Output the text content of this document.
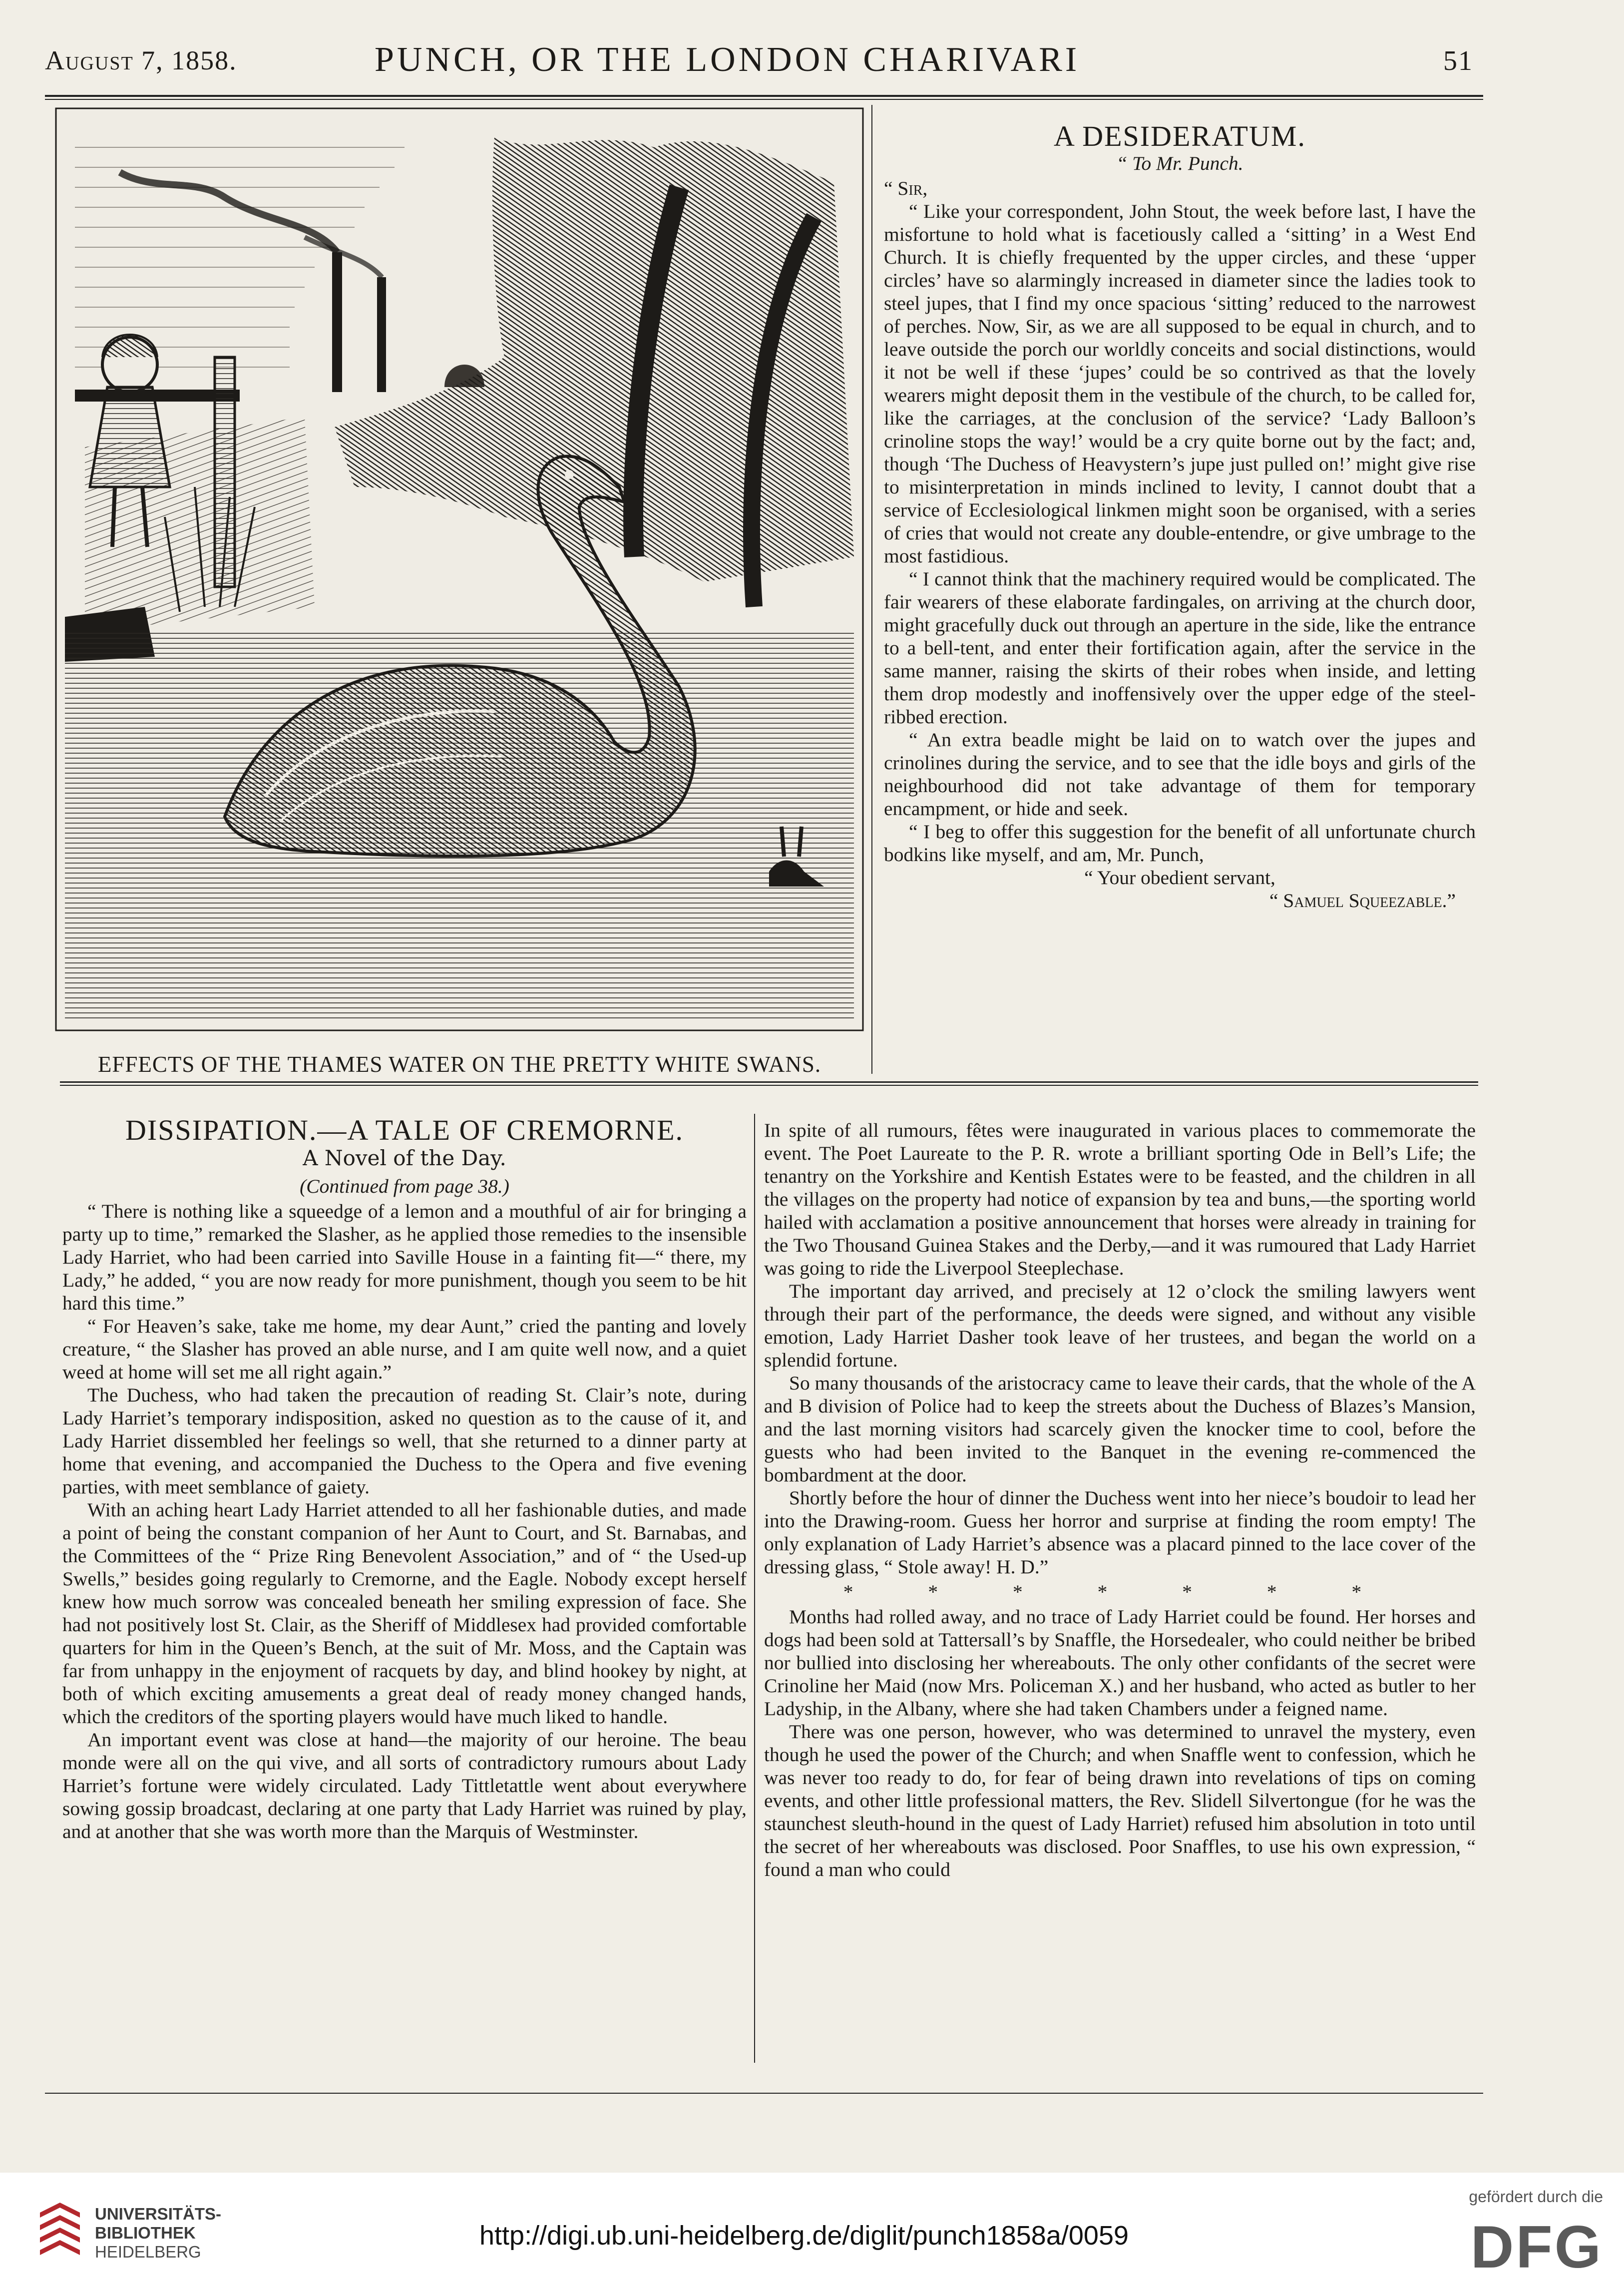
August 7, 1858.	PUNCH, OR THE LONDON CHARIVARI	51
EFFECTS OF THE THAMES WATER ON THE PRETTY WHITE SWANS.
A DESIDERATUM.
“ To Mr. Punch.

“ Sir,

“ Like your correspondent, John Stout, the week before last, I have the misfortune to hold what is facetiously called a ‘sitting’ in a West End Church. It is chiefly frequented by the upper circles, and these ‘upper circles’ have so alarmingly increased in diameter since the ladies took to steel jupes, that I find my once spacious ‘sitting’ reduced to the narrowest of perches. Now, Sir, as we are all supposed to be equal in church, and to leave outside the porch our worldly conceits and social distinctions, would it not be well if these ‘jupes’ could be so contrived as that the lovely wearers might deposit them in the vestibule of the church, to be called for, like the carriages, at the conclusion of the service? ‘Lady Balloon’s crinoline stops the way!’ would be a cry quite borne out by the fact; and, though ‘The Duchess of Heavystern’s jupe just pulled on!’ might give rise to misinterpretation in minds inclined to levity, I cannot doubt that a service of Ecclesiological linkmen might soon be organised, with a series of cries that would not create any double-entendre, or give umbrage to the most fastidious.

“ I cannot think that the machinery required would be complicated. The fair wearers of these elaborate fardingales, on arriving at the church door, might gracefully duck out through an aperture in the side, like the entrance to a bell-tent, and enter their fortification again, after the service in the same manner, raising the skirts of their robes when inside, and letting them drop modestly and inoffensively over the upper edge of the steel-ribbed erection.

“ An extra beadle might be laid on to watch over the jupes and crinolines during the service, and to see that the idle boys and girls of the neighbourhood did not take advantage of them for temporary encampment, or hide and seek.

“ I beg to offer this suggestion for the benefit of all unfortunate church bodkins like myself, and am, Mr. Punch,

“ Your obedient servant,
“ Samuel Squeezable.”
DISSIPATION.—A TALE OF CREMORNE.
A Novel of the Day.
(Continued from page 38.)

“ There is nothing like a squeedge of a lemon and a mouthful of air for bringing a party up to time,” remarked the Slasher, as he applied those remedies to the insensible Lady Harriet, who had been carried into Saville House in a fainting fit—“ there, my Lady,” he added, “ you are now ready for more punishment, though you seem to be hit hard this time.”

“ For Heaven’s sake, take me home, my dear Aunt,” cried the panting and lovely creature, “ the Slasher has proved an able nurse, and I am quite well now, and a quiet weed at home will set me all right again.”

The Duchess, who had taken the precaution of reading St. Clair’s note, during Lady Harriet’s temporary indisposition, asked no question as to the cause of it, and Lady Harriet dissembled her feelings so well, that she returned to a dinner party at home that evening, and accompanied the Duchess to the Opera and five evening parties, with meet semblance of gaiety.

With an aching heart Lady Harriet attended to all her fashionable duties, and made a point of being the constant companion of her Aunt to Court, and St. Barnabas, and the Committees of the “ Prize Ring Benevolent Association,” and of “ the Used-up Swells,” besides going regularly to Cremorne, and the Eagle. Nobody except herself knew how much sorrow was concealed beneath her smiling expression of face. She had not positively lost St. Clair, as the Sheriff of Middlesex had provided comfortable quarters for him in the Queen’s Bench, at the suit of Mr. Moss, and the Captain was far from unhappy in the enjoyment of racquets by day, and blind hookey by night, at both of which exciting amusements a great deal of ready money changed hands, which the creditors of the sporting players would have much liked to handle.

An important event was close at hand—the majority of our heroine. The beau monde were all on the qui vive, and all sorts of contradictory rumours about Lady Harriet’s fortune were widely circulated. Lady Tittletattle went about everywhere sowing gossip broadcast, declaring at one party that Lady Harriet was ruined by play, and at another that she was worth more than the Marquis of Westminster.

In spite of all rumours, fêtes were inaugurated in various places to commemorate the event. The Poet Laureate to the P. R. wrote a brilliant sporting Ode in Bell’s Life; the tenantry on the Yorkshire and Kentish Estates were to be feasted, and the children in all the villages on the property had notice of expansion by tea and buns,—the sporting world hailed with acclamation a positive announcement that horses were already in training for the Two Thousand Guinea Stakes and the Derby,—and it was rumoured that Lady Harriet was going to ride the Liverpool Steeplechase.

The important day arrived, and precisely at 12 o’clock the smiling lawyers went through their part of the performance, the deeds were signed, and without any visible emotion, Lady Harriet Dasher took leave of her trustees, and began the world on a splendid fortune.

So many thousands of the aristocracy came to leave their cards, that the whole of the A and B division of Police had to keep the streets about the Duchess of Blazes’s Mansion, and the last morning visitors had scarcely given the knocker time to cool, before the guests who had been invited to the Banquet in the evening re-commenced the bombardment at the door.

Shortly before the hour of dinner the Duchess went into her niece’s boudoir to lead her into the Drawing-room. Guess her horror and surprise at finding the room empty! The only explanation of Lady Harriet’s absence was a placard pinned to the lace cover of the dressing glass, “ Stole away! H. D.”

* * * * * * *

Months had rolled away, and no trace of Lady Harriet could be found. Her horses and dogs had been sold at Tattersall’s by Snaffle, the Horsedealer, who could neither be bribed nor bullied into disclosing her whereabouts. The only other confidants of the secret were Crinoline her Maid (now Mrs. Policeman X.) and her husband, who acted as butler to her Ladyship, in the Albany, where she had taken Chambers under a feigned name.

There was one person, however, who was determined to unravel the mystery, even though he used the power of the Church; and when Snaffle went to confession, which he was never too ready to do, for fear of being drawn into revelations of tips on coming events, and other little professional matters, the Rev. Slidell Silvertongue (for he was the staunchest sleuth-hound in the quest of Lady Harriet) refused him absolution in toto until the secret of her whereabouts was disclosed. Poor Snaffles, to use his own expression, “ found a man who could

UNIVERSITÄTS-
BIBLIOTHEK
HEIDELBERG
http://digi.ub.uni-heidelberg.de/diglit/punch1858a/0059
gefördert durch die
DFG
